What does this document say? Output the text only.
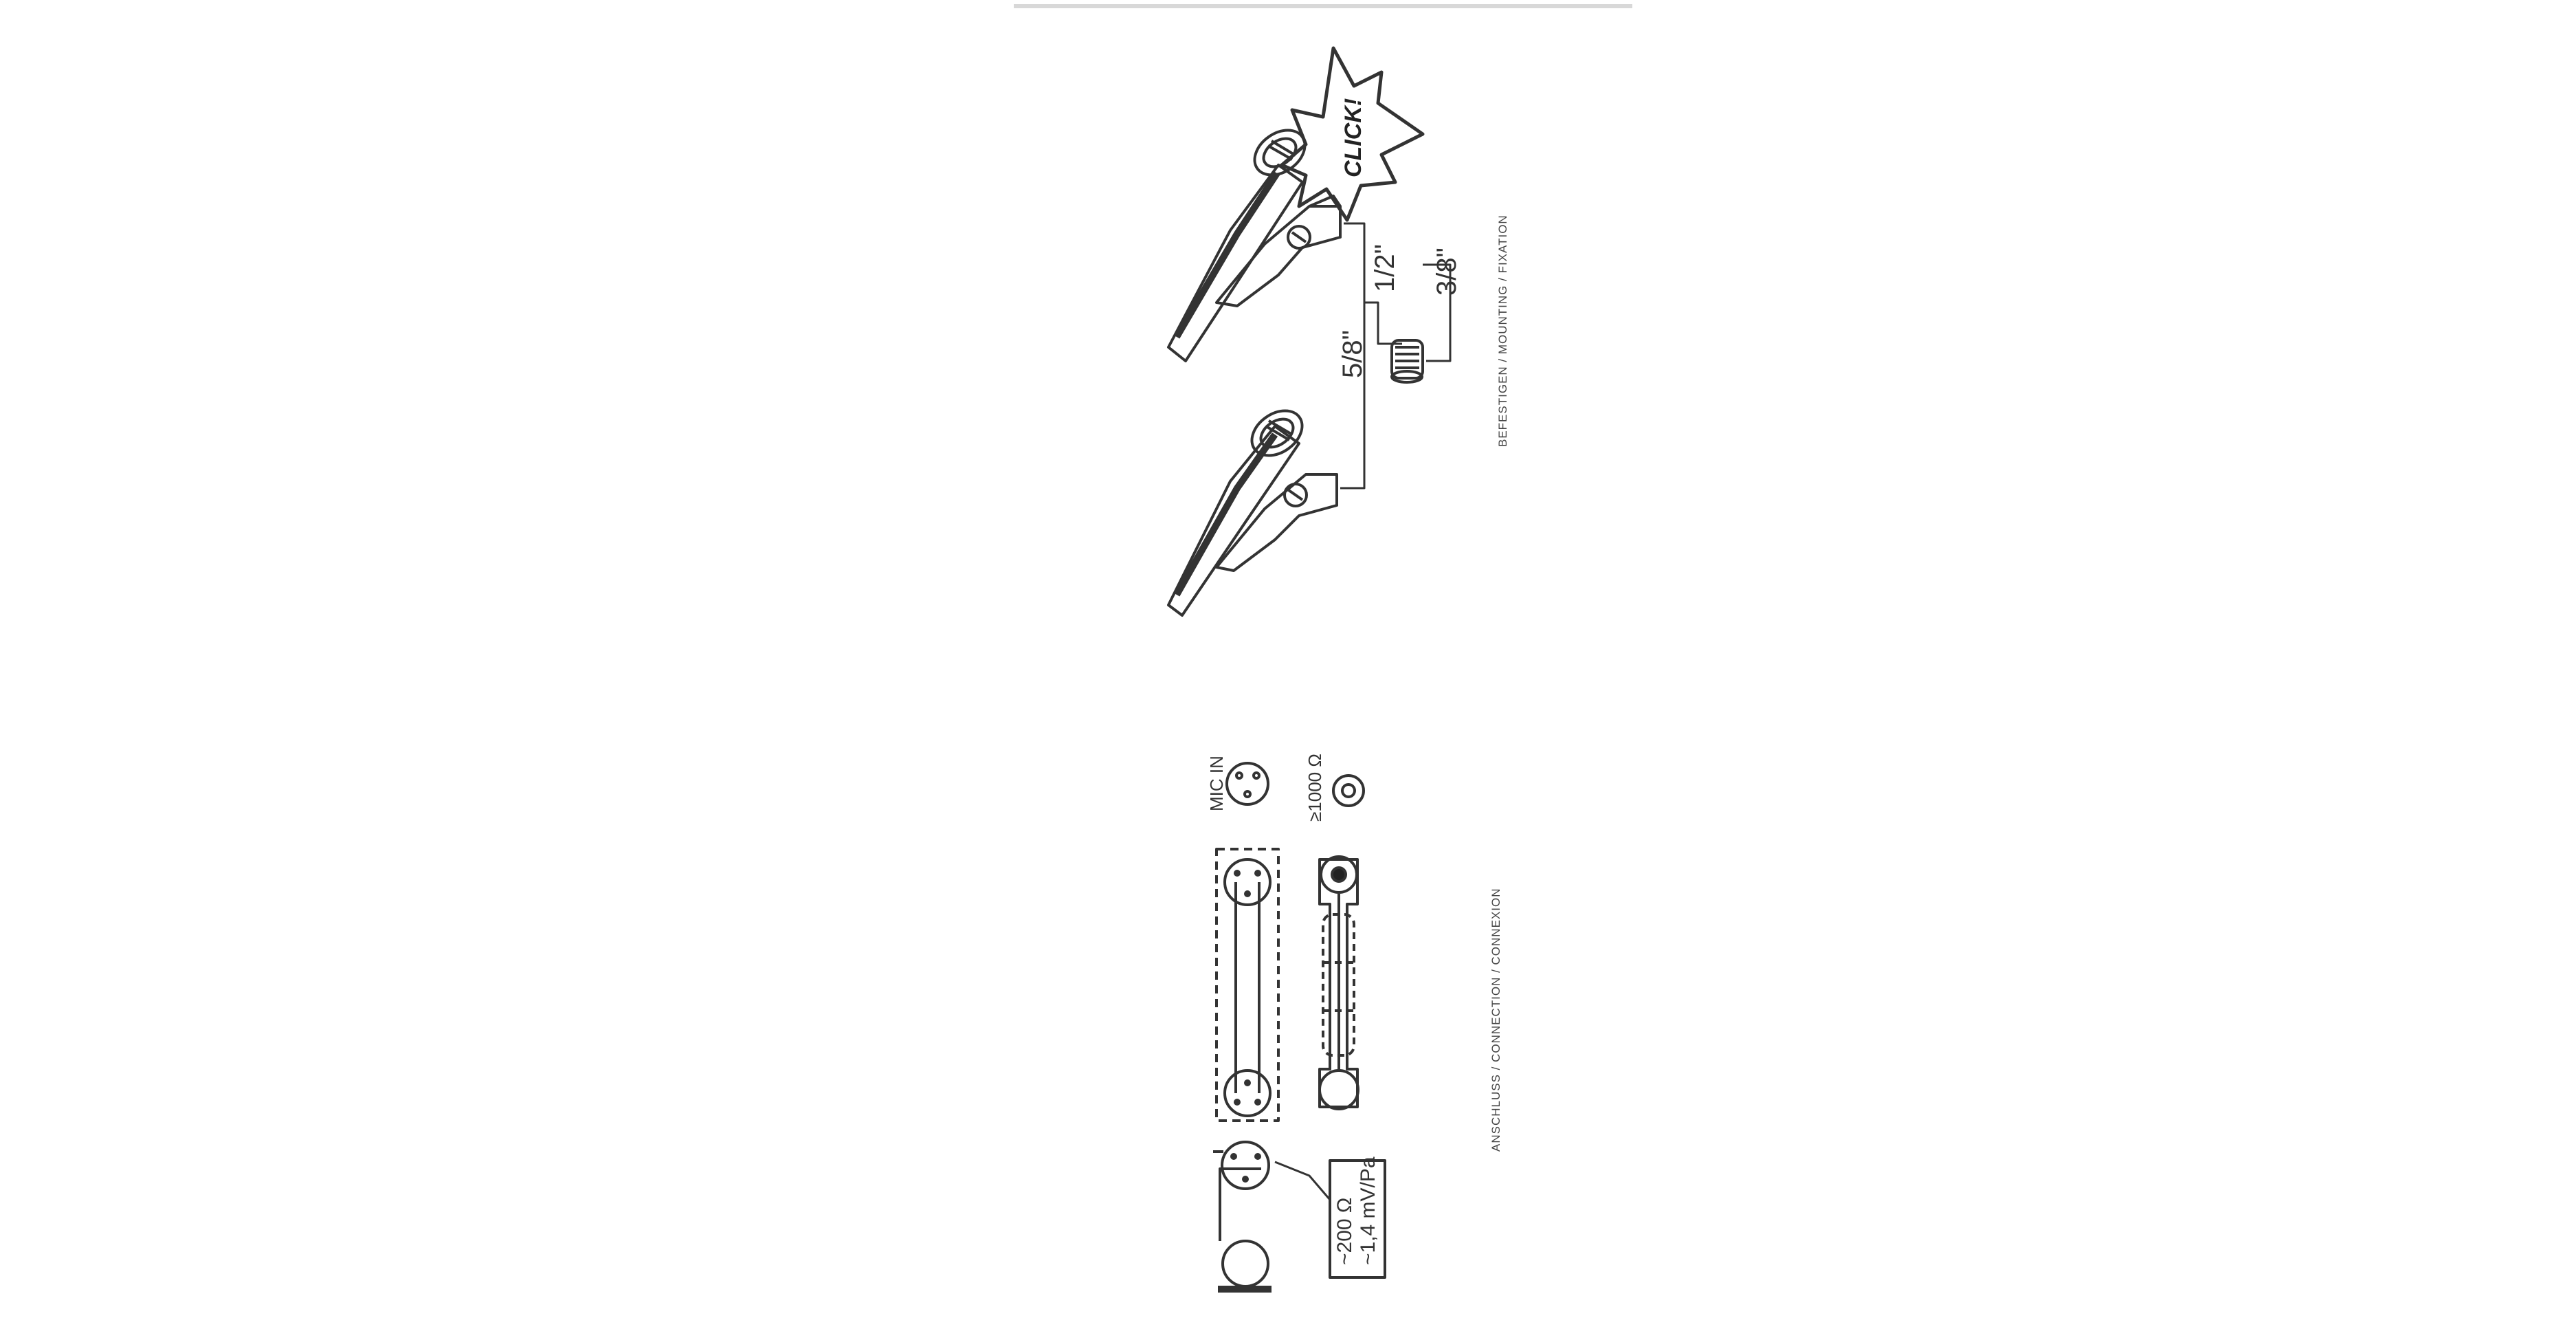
BEFESTIGEN / MOUNTING / FIXATION
ANSCHLUSS / CONNECTION / CONNEXION
CLICK!
5/8"
1/2" 3/8"
~200 Ω ~1,4 mV/Pa
MIC IN	≥1000 Ω
